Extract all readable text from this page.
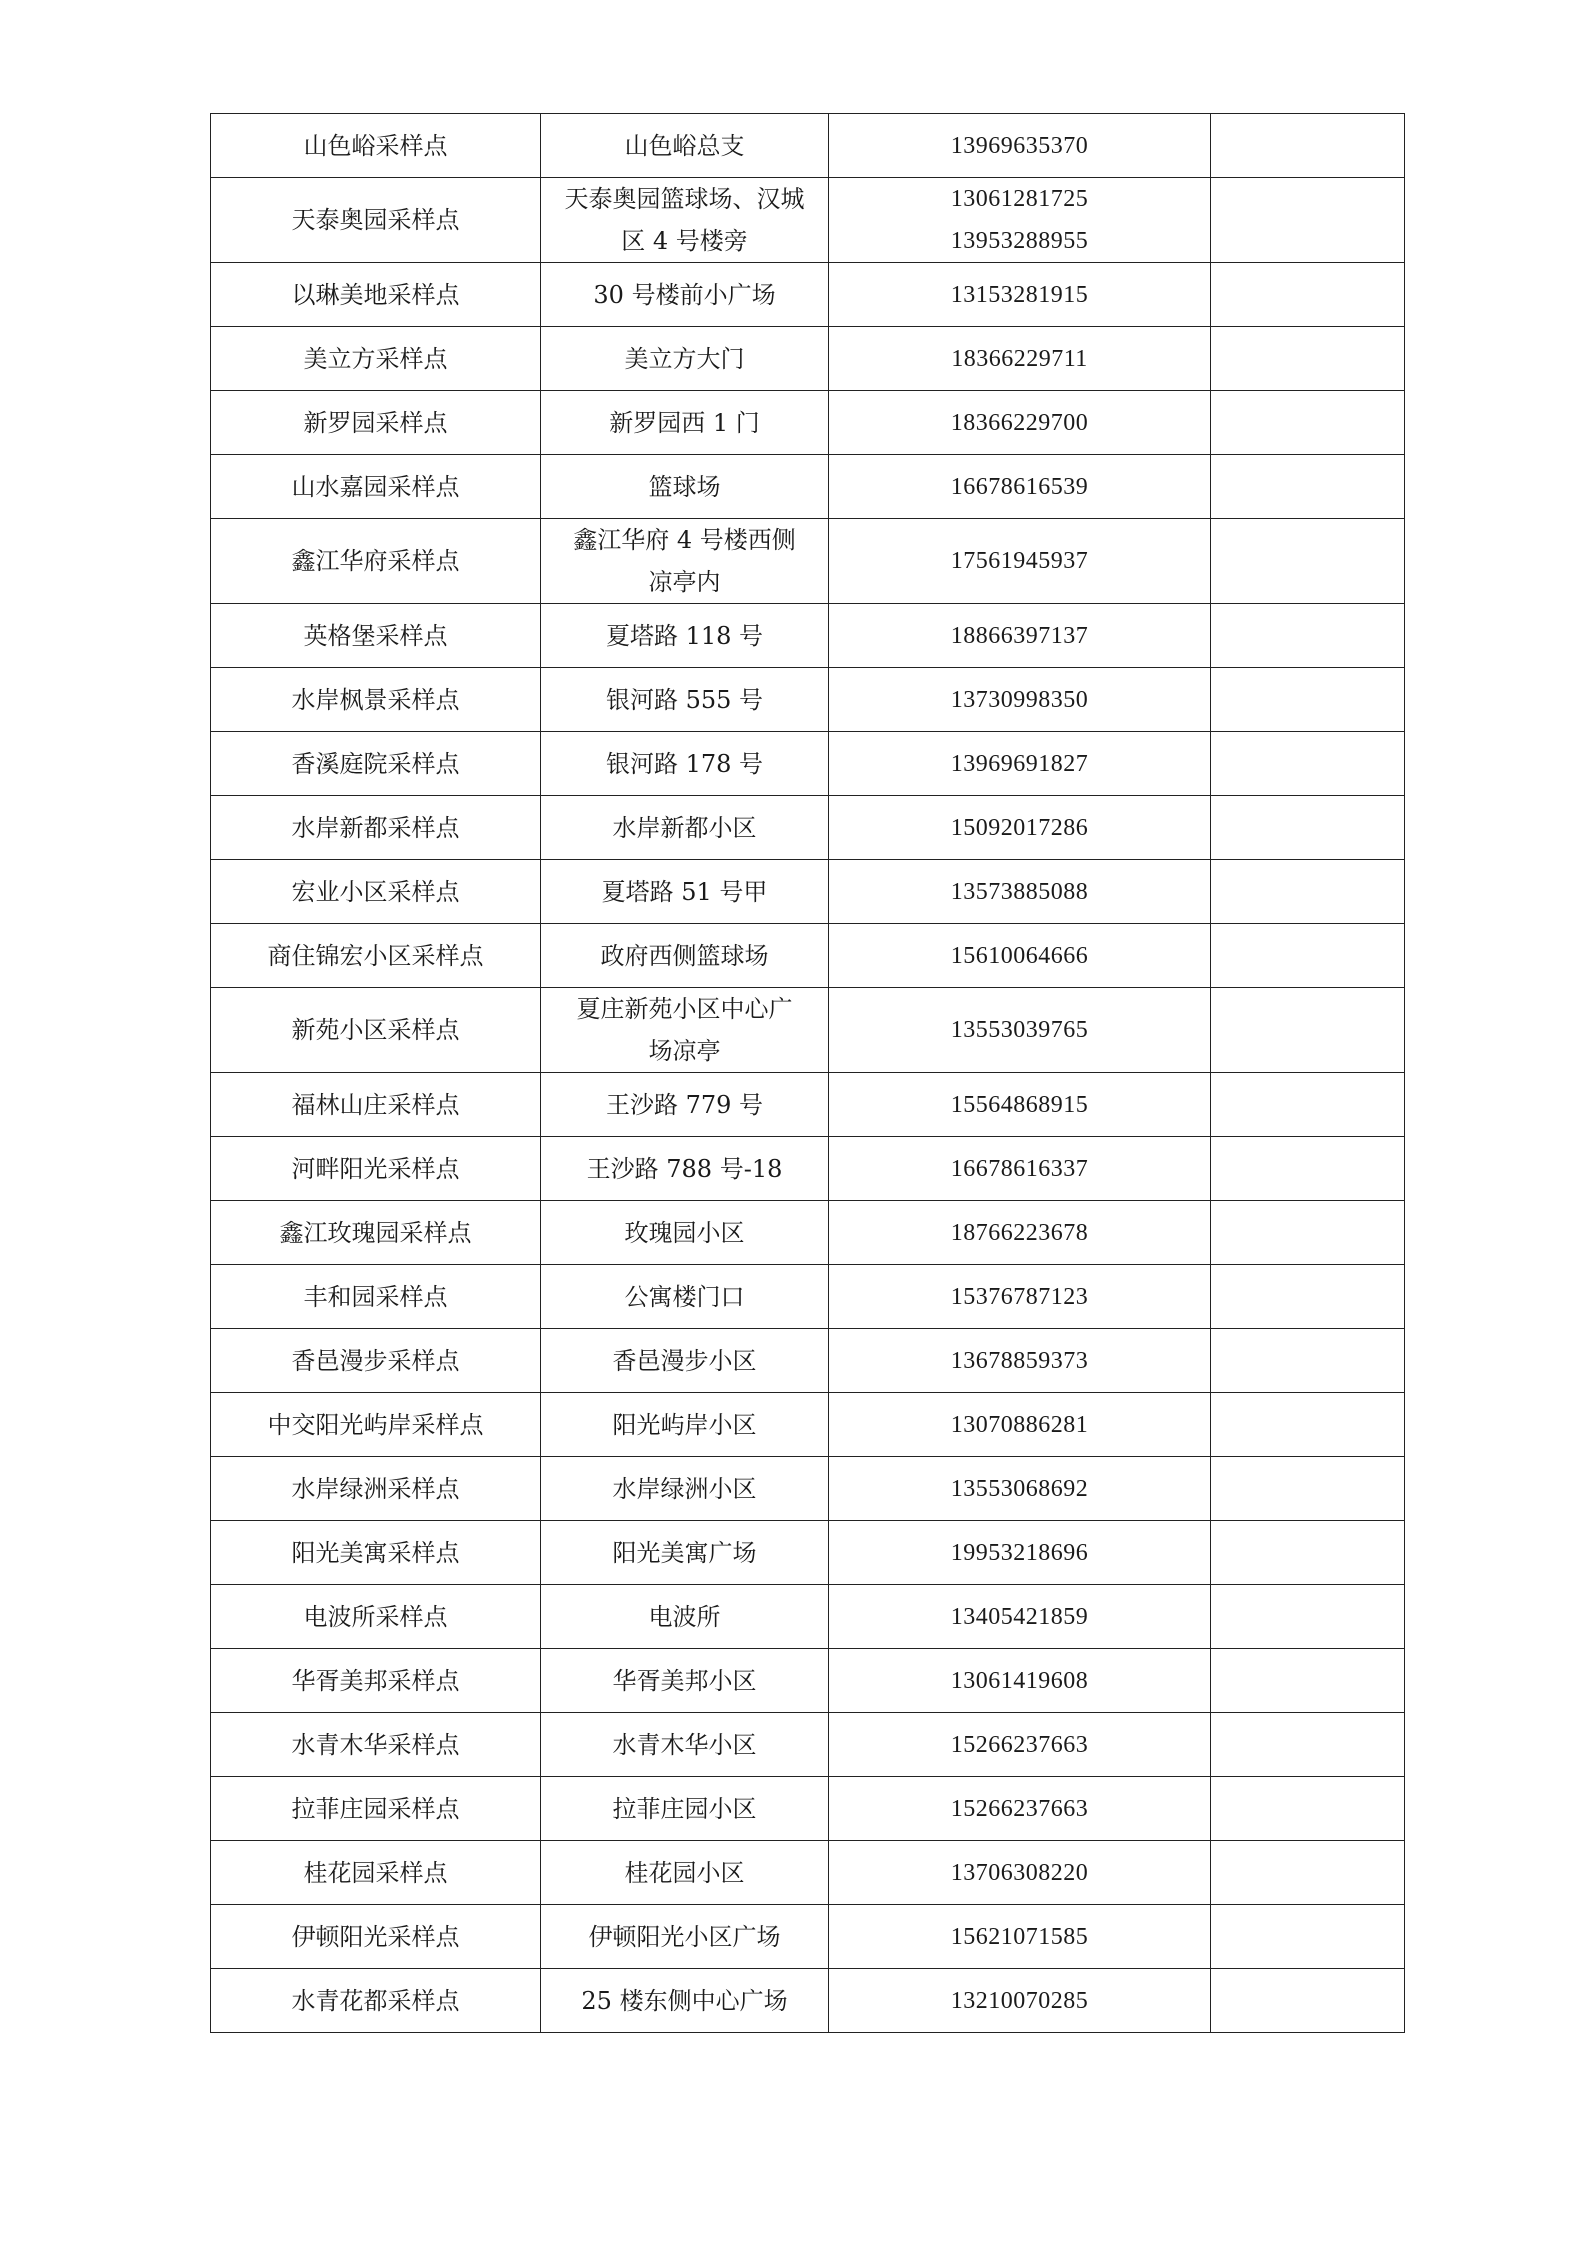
山色峪采样点	山色峪总支	13969635370	

天泰奥园采样点	天泰奥园篮球场、汉城
区 4 号楼旁	13061281725
13953288955	

以琳美地采样点	30 号楼前小广场	13153281915	

美立方采样点	美立方大门	18366229711	

新罗园采样点	新罗园西 1 门	18366229700	

山水嘉园采样点	篮球场	16678616539	

鑫江华府采样点	鑫江华府 4 号楼西侧
凉亭内	17561945937	

英格堡采样点	夏塔路 118 号	18866397137	

水岸枫景采样点	银河路 555 号	13730998350	

香溪庭院采样点	银河路 178 号	13969691827	

水岸新都采样点	水岸新都小区	15092017286	

宏业小区采样点	夏塔路 51 号甲	13573885088	

商住锦宏小区采样点	政府西侧篮球场	15610064666	

新苑小区采样点	夏庄新苑小区中心广
场凉亭	13553039765	

福林山庄采样点	王沙路 779 号	15564868915	

河畔阳光采样点	王沙路 788 号-18	16678616337	

鑫江玫瑰园采样点	玫瑰园小区	18766223678	

丰和园采样点	公寓楼门口	15376787123	

香邑漫步采样点	香邑漫步小区	13678859373	

中交阳光屿岸采样点	阳光屿岸小区	13070886281	

水岸绿洲采样点	水岸绿洲小区	13553068692	

阳光美寓采样点	阳光美寓广场	19953218696	

电波所采样点	电波所	13405421859	

华胥美邦采样点	华胥美邦小区	13061419608	

水青木华采样点	水青木华小区	15266237663	

拉菲庄园采样点	拉菲庄园小区	15266237663	

桂花园采样点	桂花园小区	13706308220	

伊顿阳光采样点	伊顿阳光小区广场	15621071585	

水青花都采样点	25 楼东侧中心广场	13210070285	
